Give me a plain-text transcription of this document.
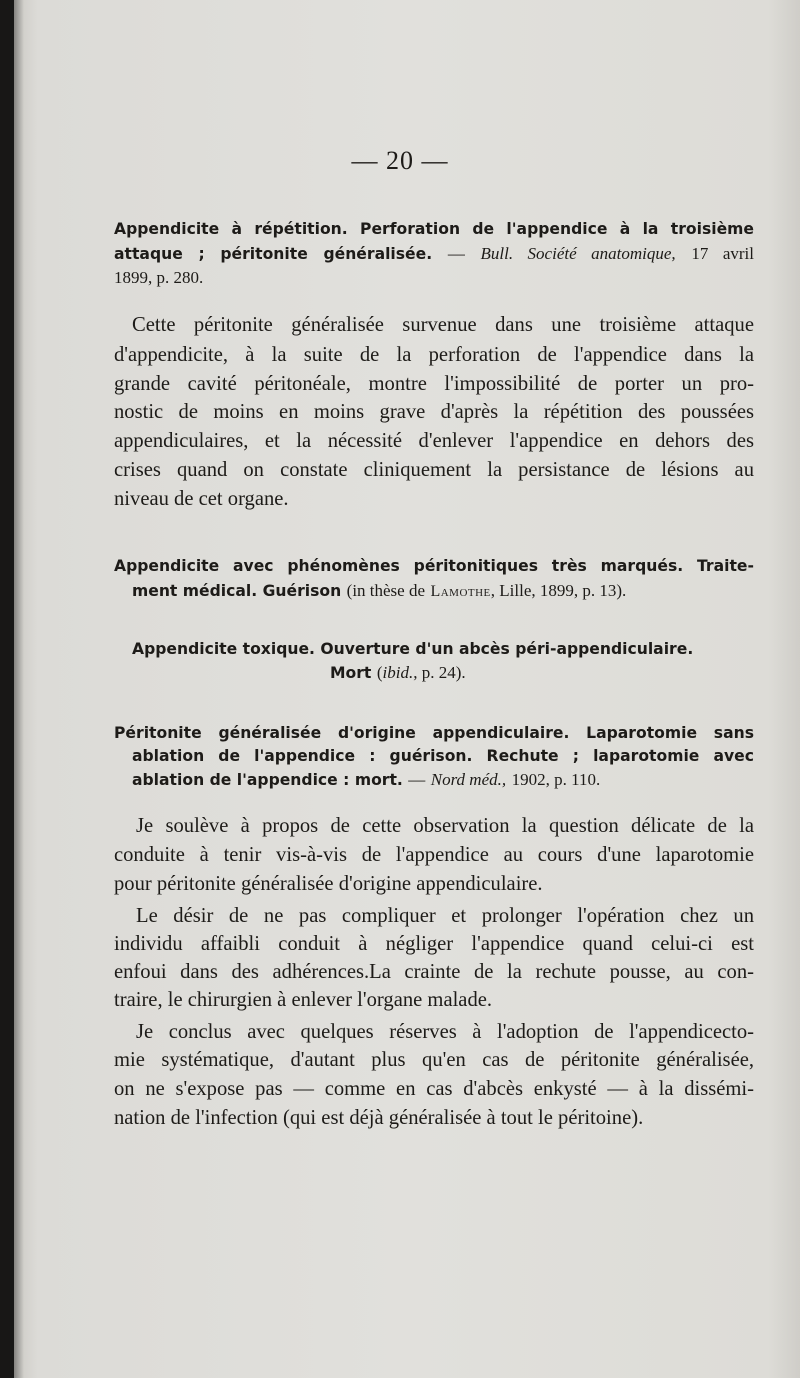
— 20 —
Appendicite à répétition. Perforation de l'appendice à la troisième
attaque ; péritonite généralisée. — Bull. Société anatomique, 17 avril
1899, p. 280.
Cette péritonite généralisée survenue dans une troisième attaque
d'appendicite, à la suite de la perforation de l'appendice dans la
grande cavité péritonéale, montre l'impossibilité de porter un pro-
nostic de moins en moins grave d'après la répétition des poussées
appendiculaires, et la nécessité d'enlever l'appendice en dehors des
crises quand on constate cliniquement la persistance de lésions au
niveau de cet organe.
Appendicite avec phénomènes péritonitiques très marqués. Traite-
ment médical. Guérison (in thèse de Lamothe, Lille, 1899, p. 13).
Appendicite toxique. Ouverture d'un abcès péri-appendiculaire.
Mort (ibid., p. 24).
Péritonite généralisée d'origine appendiculaire. Laparotomie sans
ablation de l'appendice : guérison. Rechute ; laparotomie avec
ablation de l'appendice : mort. — Nord méd., 1902, p. 110.
Je soulève à propos de cette observation la question délicate de la
conduite à tenir vis-à-vis de l'appendice au cours d'une laparotomie
pour péritonite généralisée d'origine appendiculaire.
Le désir de ne pas compliquer et prolonger l'opération chez un
individu affaibli conduit à négliger l'appendice quand celui-ci est
enfoui dans des adhérences.La crainte de la rechute pousse, au con-
traire, le chirurgien à enlever l'organe malade.
Je conclus avec quelques réserves à l'adoption de l'appendicecto-
mie systématique, d'autant plus qu'en cas de péritonite généralisée,
on ne s'expose pas — comme en cas d'abcès enkysté — à la dissémi-
nation de l'infection (qui est déjà généralisée à tout le péritoine).
